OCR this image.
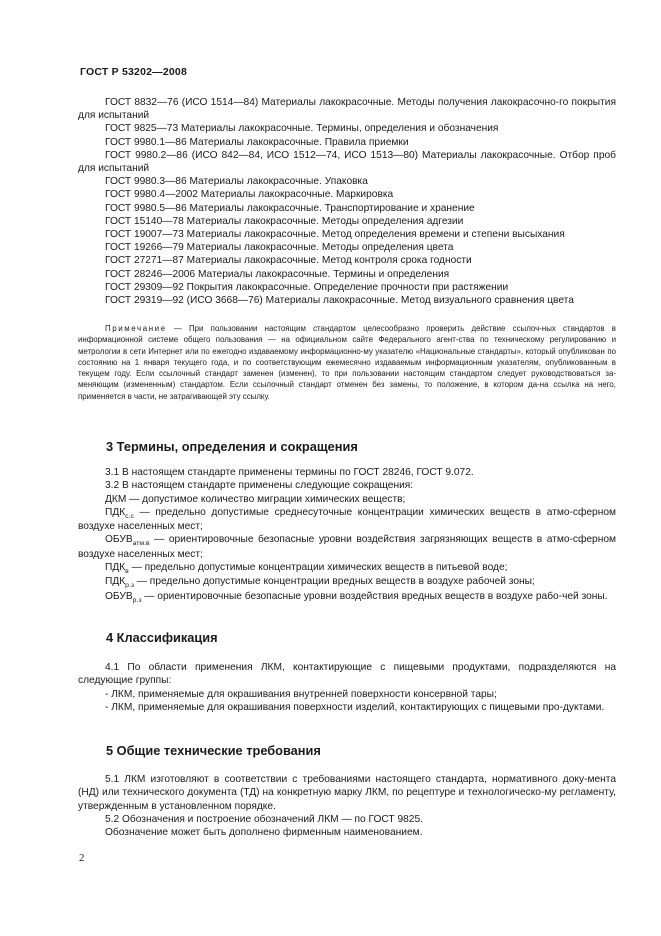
ГОСТ Р 53202—2008

ГОСТ 8832—76 (ИСО 1514—84) Материалы лакокрасочные. Методы получения лакокрасочно-го покрытия для испытаний

ГОСТ 9825—73 Материалы лакокрасочные. Термины, определения и обозначения

ГОСТ 9980.1—86 Материалы лакокрасочные. Правила приемки

ГОСТ 9980.2—86 (ИСО 842—84, ИСО 1512—74, ИСО 1513—80) Материалы лакокрасочные. Отбор проб для испытаний

ГОСТ 9980.3—86 Материалы лакокрасочные. Упаковка

ГОСТ 9980.4—2002 Материалы лакокрасочные. Маркировка

ГОСТ 9980.5—86 Материалы лакокрасочные. Транспортирование и хранение

ГОСТ 15140—78 Материалы лакокрасочные. Методы определения адгезии

ГОСТ 19007—73 Материалы лакокрасочные. Метод определения времени и степени высыхания

ГОСТ 19266—79 Материалы лакокрасочные. Методы определения цвета

ГОСТ 27271—87 Материалы лакокрасочные. Метод контроля срока годности

ГОСТ 28246—2006 Материалы лакокрасочные. Термины и определения

ГОСТ 29309—92 Покрытия лакокрасочные. Определение прочности при растяжении

ГОСТ 29319—92 (ИСО 3668—76) Материалы лакокрасочные. Метод визуального сравнения цвета

Примечание — При пользовании настоящим стандартом целесообразно проверить действие ссылоч-ных стандартов в информационной системе общего пользования — на официальном сайте Федерального агент-ства по техническому регулированию и метрологии в сети Интернет или по ежегодно издаваемому информационно-му указателю «Национальные стандарты», который опубликован по состоянию на 1 января текущего года, и по соответствующим ежемесячно издаваемым информационным указателям, опубликованным в текущем году. Если ссылочный стандарт заменен (изменен), то при пользовании настоящим стандартом следует руководствоваться за-меняющим (измененным) стандартом. Если ссылочный стандарт отменен без замены, то положение, в котором да-на ссылка на него, применяется в части, не затрагивающей эту ссылку.

3 Термины, определения и сокращения

3.1 В настоящем стандарте применены термины по ГОСТ 28246, ГОСТ 9.072.

3.2 В настоящем стандарте применены следующие сокращения:

ДКМ — допустимое количество миграции химических веществ;

$ПДК_{с.с}$ — предельно допустимые среднесуточные концентрации химических веществ в атмо-сферном воздухе населенных мест;

$ОБУВ_{атм.в}$ — ориентировочные безопасные уровни воздействия загрязняющих веществ в атмо-сферном воздухе населенных мест;

$ПДК_в$ — предельно допустимые концентрации химических веществ в питьевой воде;

$ПДК_{р.з}$ — предельно допустимые концентрации вредных веществ в воздухе рабочей зоны;

$ОБУВ_{р.з}$ — ориентировочные безопасные уровни воздействия вредных веществ в воздухе рабо-чей зоны.

4 Классификация

4.1 По области применения ЛКМ, контактирующие с пищевыми продуктами, подразделяются на следующие группы:

- ЛКМ, применяемые для окрашивания внутренней поверхности консервной тары;

- ЛКМ, применяемые для окрашивания поверхности изделий, контактирующих с пищевыми про-дуктами.

5 Общие технические требования

5.1 ЛКМ изготовляют в соответствии с требованиями настоящего стандарта, нормативного доку-мента (НД) или технического документа (ТД) на конкретную марку ЛКМ, по рецептуре и технологическо-му регламенту, утвержденным в установленном порядке.

5.2 Обозначения и построение обозначений ЛКМ — по ГОСТ 9825.

Обозначение может быть дополнено фирменным наименованием.

2
